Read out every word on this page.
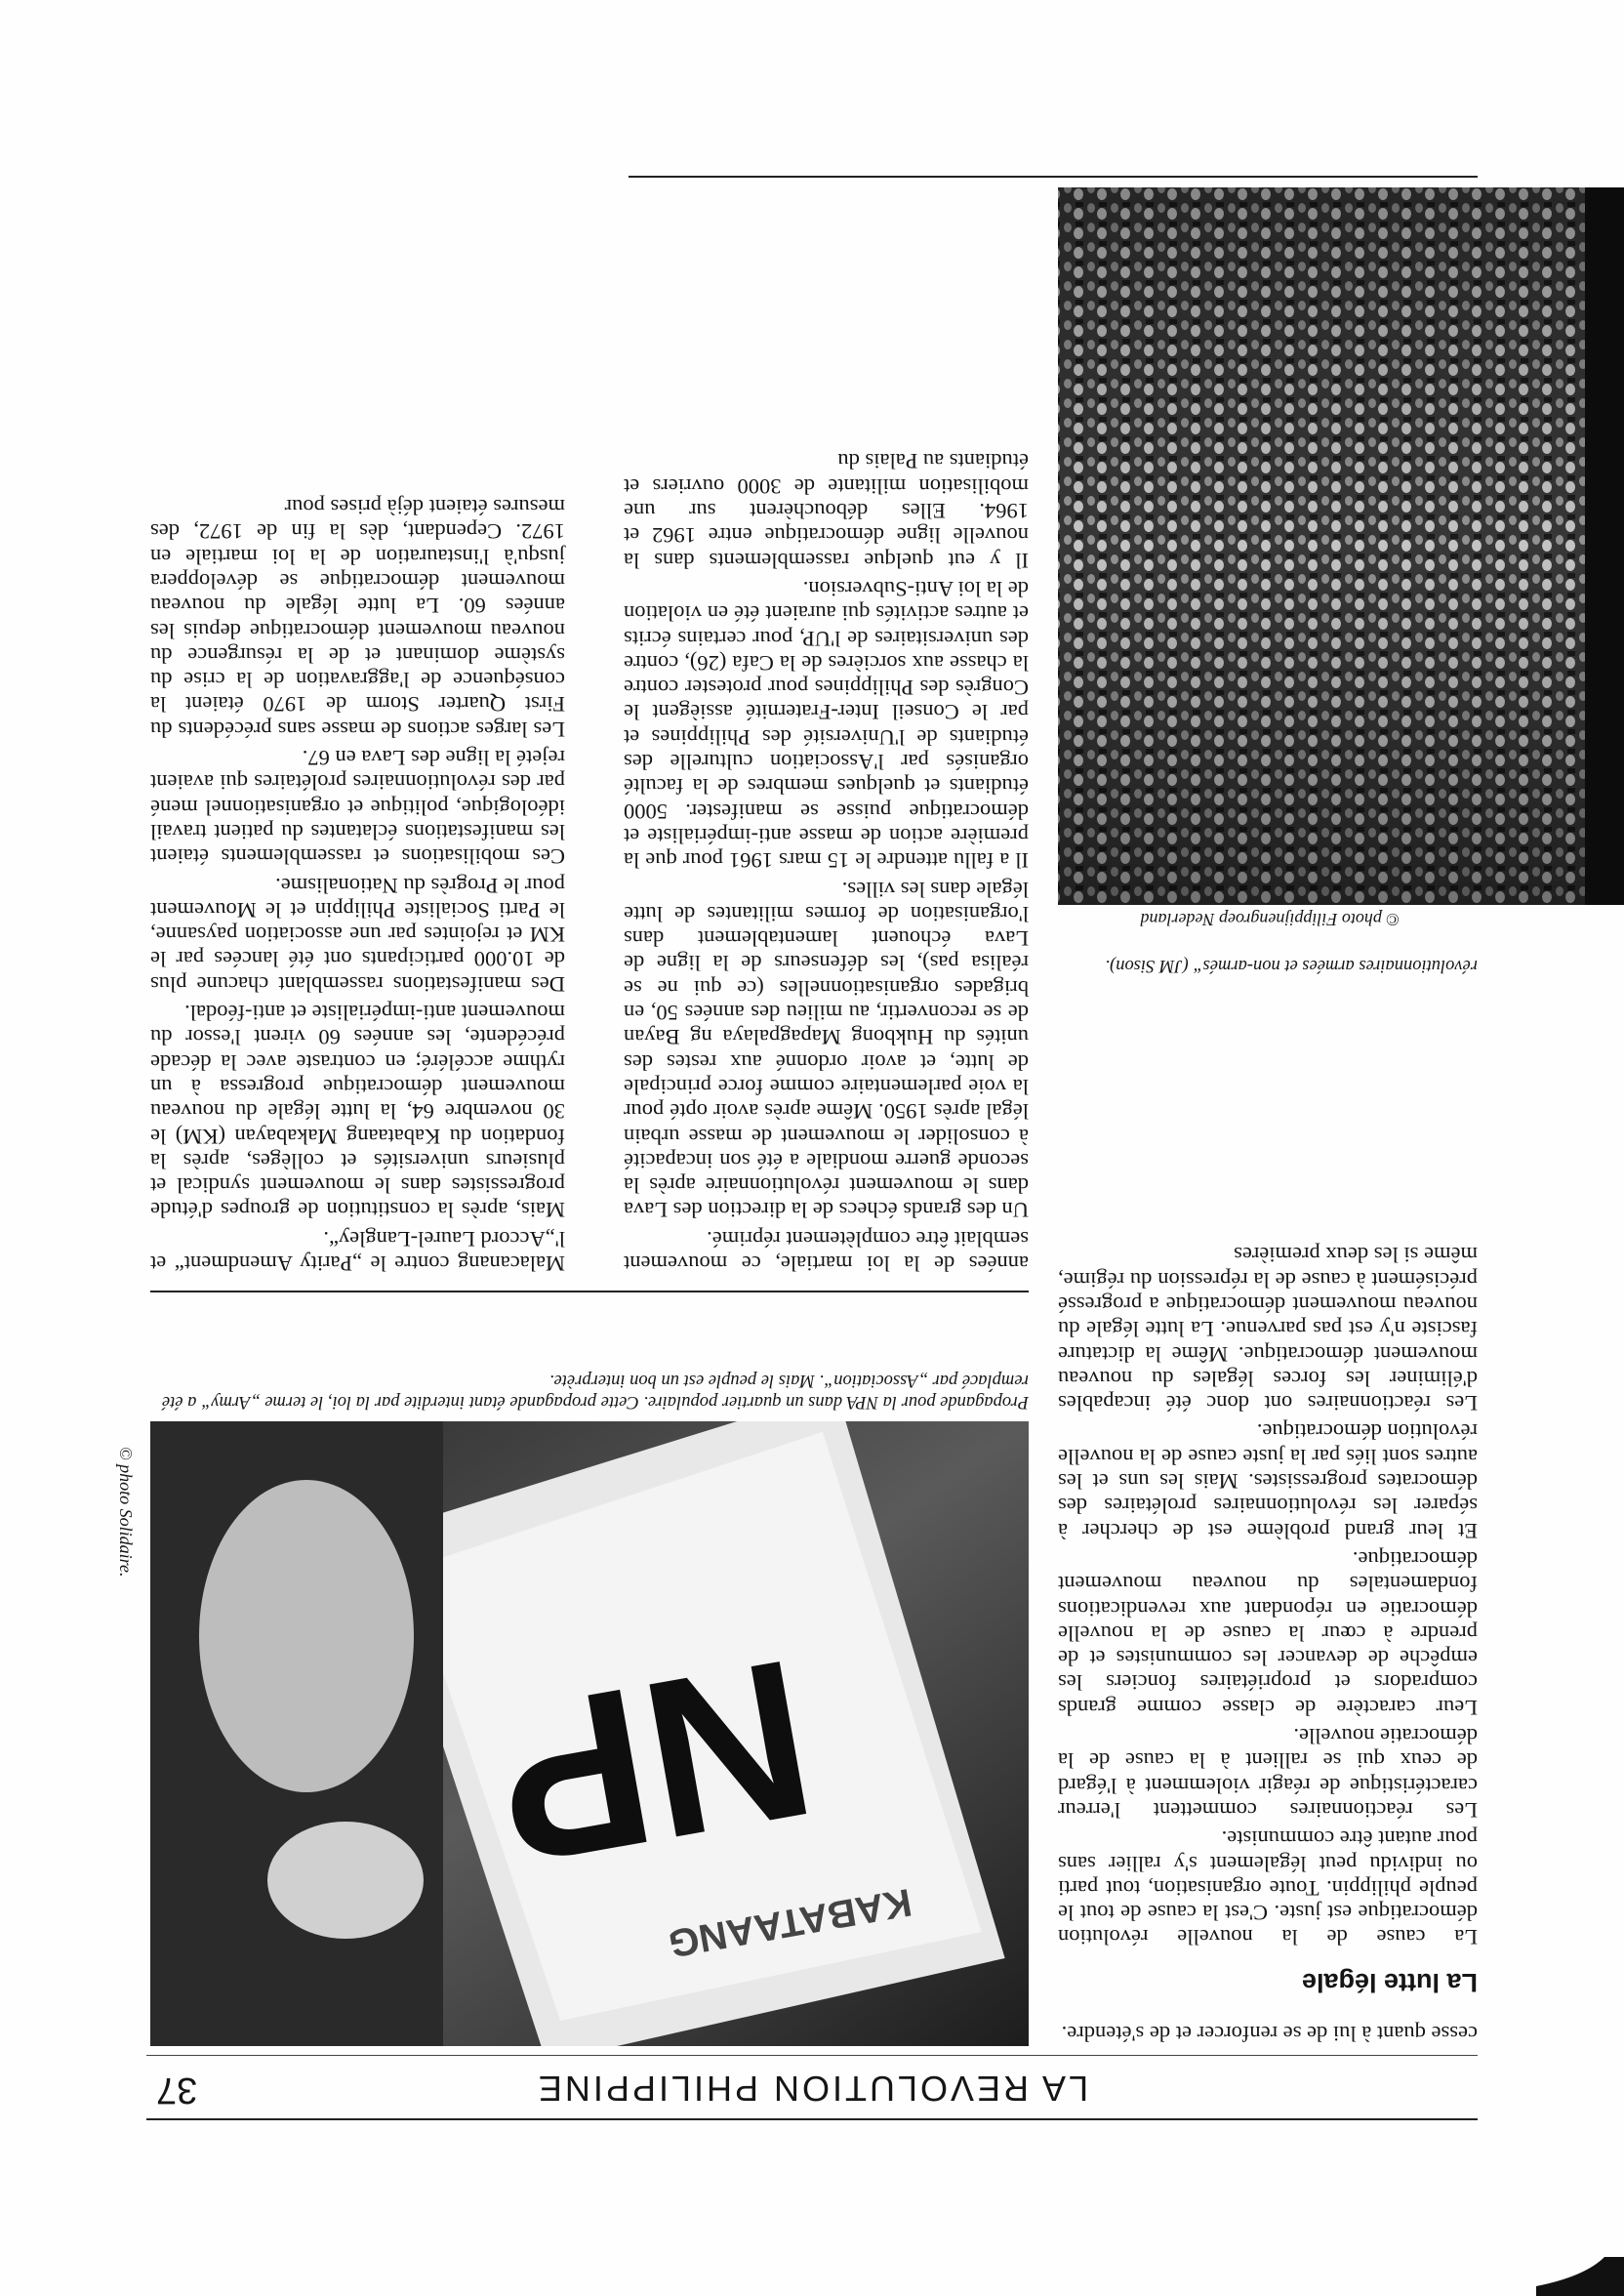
LA REVOLUTION PHILIPPINE
37

cesse quant à lui de se renforcer et de s'étendre.

La lutte légale

La cause de la nouvelle révolution démocratique est juste. C'est la cause de tout le peuple philippin. Toute organisation, tout parti ou individu peut légalement s'y rallier sans pour autant être communiste.

Les réactionnaires commettent l'erreur caractéristique de réagir violemment à l'égard de ceux qui se rallient à la cause de la démocratie nouvelle.

Leur caractère de classe comme grands compradors et propriétaires fonciers les empêche de devancer les communistes et de prendre à cœur la cause de la nouvelle démocratie en répondant aux revendications fondamentales du nouveau mouvement démocratique.

Et leur grand problème est de chercher à séparer les révolutionnaires prolétaires des démocrates progressistes. Mais les uns et les autres sont liés par la juste cause de la nouvelle révolution démocratique.

Les réactionnaires ont donc été incapables d'éliminer les forces légales du nouveau mouvement démocratique. Même la dictature fasciste n'y est pas parvenue. La lutte légale du nouveau mouvement démocratique a progressé précisément à cause de la répression du régime, même si les deux premières

NP
KABATAANG
© photo Solidaire.
Propagande pour la NPA dans un quartier populaire. Cette propagande étant interdite par la loi, le terme „Army“ a été remplacé par „Association“. Mais le peuple est un bon interprète.

années de la loi martiale, ce mouvement semblait être complètement réprimé.

Un des grands échecs de la direction des Lava dans le mouvement révolutionnaire après la seconde guerre mondiale a été son incapacité à consolider le mouvement de masse urbain légal après 1950. Même après avoir opté pour la voie parlementaire comme force principale de lutte, et avoir ordonné aux restes des unités du Hukbong Mapagpalaya ng Bayan de se reconvertir, au milieu des années 50, en brigades organisationnelles (ce qui ne se réalisa pas), les défenseurs de la ligne de Lava échouent lamentablement dans l'organisation de formes militantes de lutte légale dans les villes.

Il a fallu attendre le 15 mars 1961 pour que la première action de masse anti-impérialiste et démocratique puisse se manifester. 5000 étudiants et quelques membres de la faculté organisés par l'Association culturelle des étudiants de l'Université des Philippines et par le Conseil Inter-Fraternité assiègent le Congrès des Philippines pour protester contre la chasse aux sorcières de la Cafa (26), contre des universitaires de l'UP, pour certains écrits et autres activités qui auraient été en violation de la loi Anti-Subversion.

Il y eut quelque rassemblements dans la nouvelle ligne démocratique entre 1962 et 1964. Elles débouchèrent sur une mobilisation militante de 3000 ouvriers et étudiants au Palais du

Malacanang contre le „Parity Amendment“ et l'„Accord Laurel-Langley“.

Mais, après la constitution de groupes d'étude progressistes dans le mouvement syndical et plusieurs universités et collèges, après la fondation du Kabataang Makabayan (KM) le 30 novembre 64, la lutte légale du nouveau mouvement démocratique progressa à un rythme accéléré; en contraste avec la décade précédente, les années 60 virent l'essor du mouvement anti-impérialiste et anti-féodal.

Des manifestations rassemblant chacune plus de 10.000 participants ont été lancées par le KM et rejointes par une association paysanne, le Parti Socialiste Philippin et le Mouvement pour le Progrès du Nationalisme.

Ces mobilisations et rassemblements étaient les manifestations éclatantes du patient travail idéologique, politique et organisationnel mené par des révolutionnaires prolétaires qui avaient rejeté la ligne des Lava en 67.

Les larges actions de masse sans précédents du First Quarter Storm de 1970 étaient la conséquence de l'aggravation de la crise du système dominant et de la résurgence du nouveau mouvement démocratique depuis les années 60. La lutte légale du nouveau mouvement démocratique se développera jusqu'à l'instauration de la loi martiale en 1972. Cependant, dès la fin de 1972, des mesures étaient déjà prises pour

révolutionnaires armées et non-armés“ (JM Sison).
© photo Filippijnengroep Nederland
